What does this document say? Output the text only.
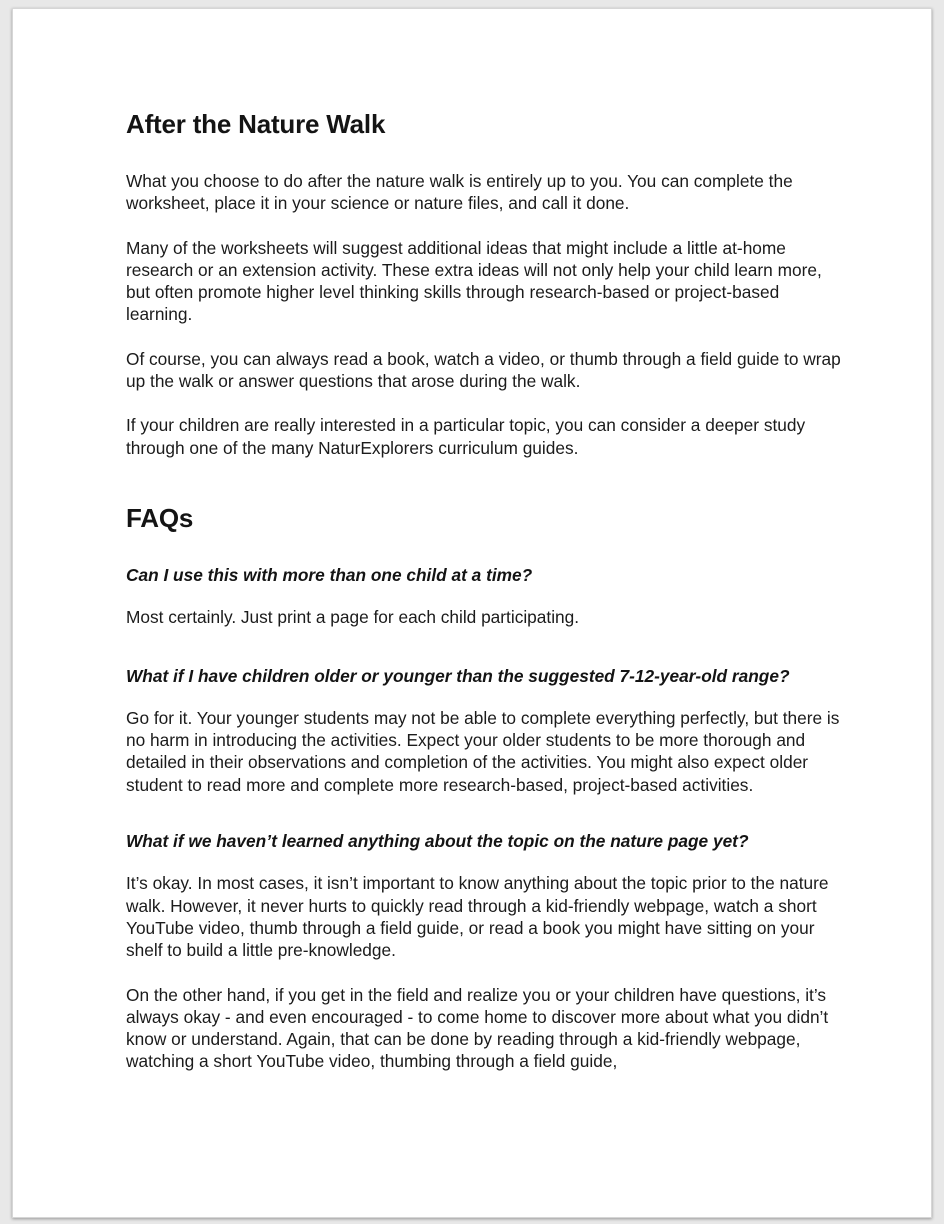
After the Nature Walk

What you choose to do after the nature walk is entirely up to you. You can complete the worksheet, place it in your science or nature files, and call it done.

Many of the worksheets will suggest additional ideas that might include a little at-home research or an extension activity. These extra ideas will not only help your child learn more, but often promote higher level thinking skills through research-based or project-based learning.

Of course, you can always read a book, watch a video, or thumb through a field guide to wrap up the walk or answer questions that arose during the walk.

If your children are really interested in a particular topic, you can consider a deeper study through one of the many NaturExplorers curriculum guides.

FAQs

Can I use this with more than one child at a time?

Most certainly. Just print a page for each child participating.

What if I have children older or younger than the suggested 7-12-year-old range?

Go for it. Your younger students may not be able to complete everything perfectly, but there is no harm in introducing the activities. Expect your older students to be more thorough and detailed in their observations and completion of the activities. You might also expect older student to read more and complete more research-based, project-based activities.

What if we haven’t learned anything about the topic on the nature page yet?

It’s okay. In most cases, it isn’t important to know anything about the topic prior to the nature walk. However, it never hurts to quickly read through a kid-friendly webpage, watch a short YouTube video, thumb through a field guide, or read a book you might have sitting on your shelf to build a little pre-knowledge.

On the other hand, if you get in the field and realize you or your children have questions, it’s always okay - and even encouraged - to come home to discover more about what you didn’t know or understand. Again, that can be done by reading through a kid-friendly webpage, watching a short YouTube video, thumbing through a field guide,
